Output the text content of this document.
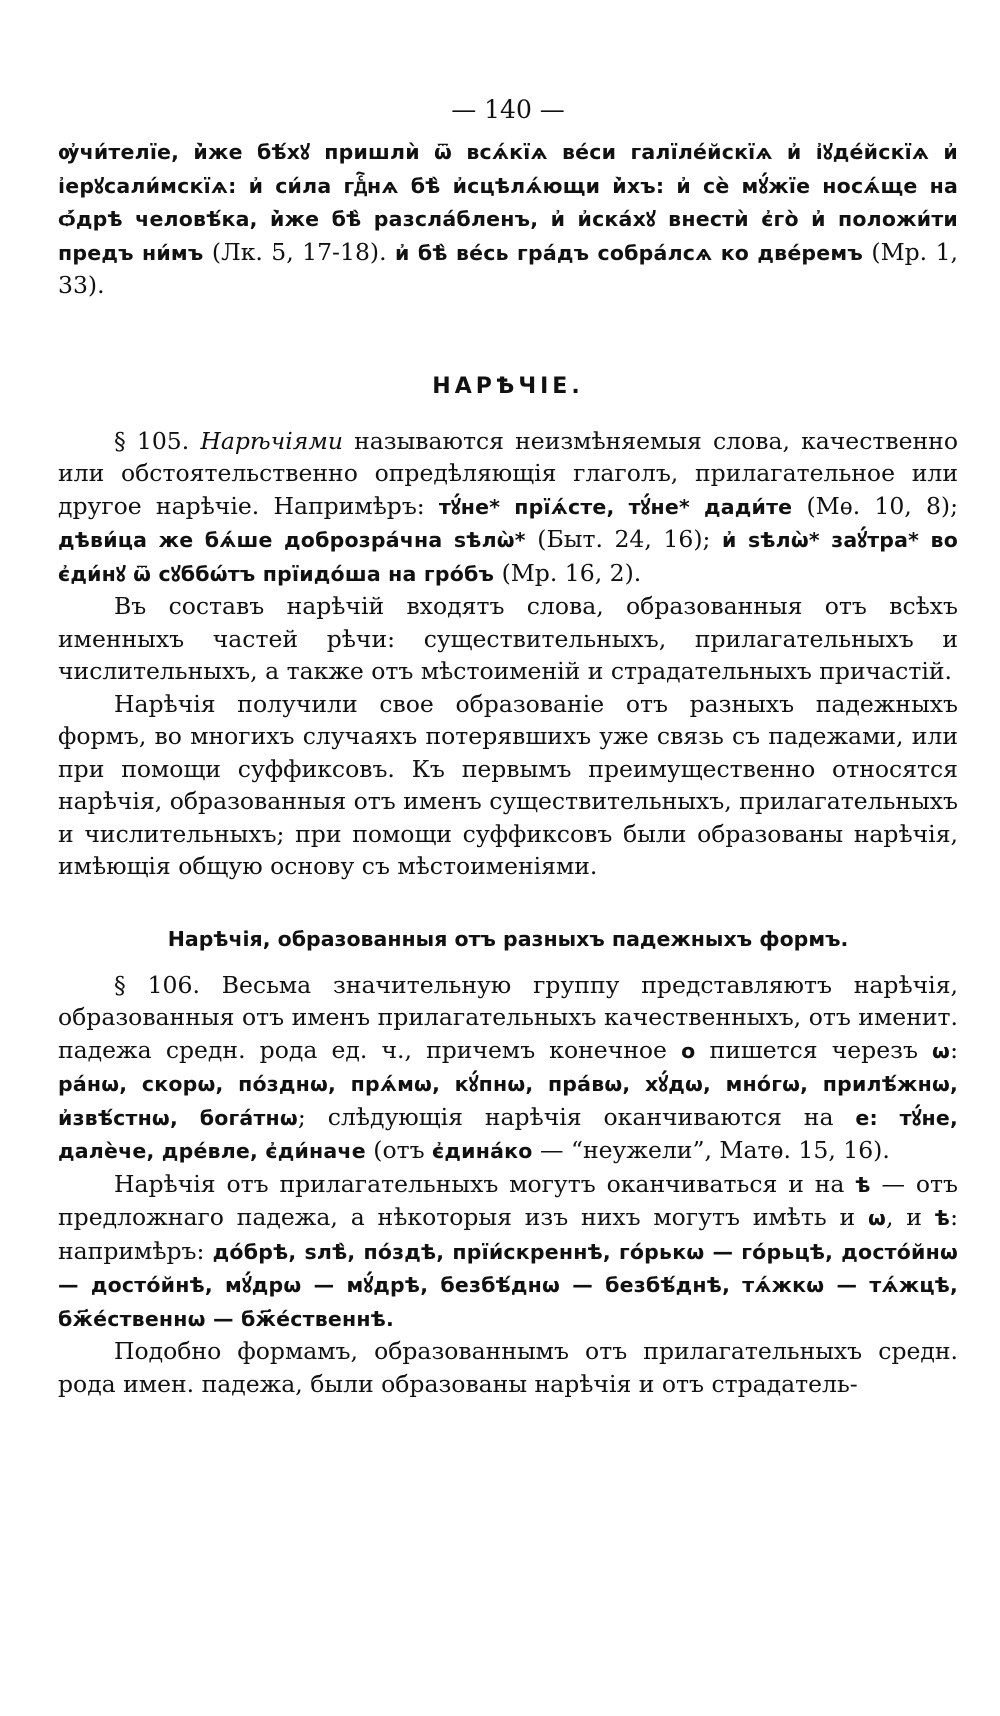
— 140 —

ѹ҆чи́телїе, и҆̀же бѣ́хꙋ пришлѝ ѿ всѧ́кїѧ ве́си галїле́йскїѧ и҆ і҆ꙋде́йскїѧ и҆ і҆ерꙋсали́мскїѧ: и҆ си́ла гдⷭ҇нѧ бѣ̀ и҆сцѣлѧ́ющи и҆̀хъ: и҆ сѐ мꙋ́жїе носѧ́ще на ѻ҆́дрѣ человѣ́ка, и҆̀же бѣ̀ разсла́бленъ, и҆ и҆ска́хꙋ внестѝ є҆го̀ и҆ положи́ти предъ ни́мъ (Лк. 5, 17-18). и҆ бѣ̀ ве́сь гра́дъ собра́лсѧ ко две́ремъ (Мр. 1, 33).

НАРѢЧІЕ.

§ 105. Нарѣчіями называются неизмѣняемыя слова, качественно или обстоятельственно опредѣляющія глаголъ, прилагательное или другое нарѣчіе. Напримѣръ: тꙋ́не* прїѧ́сте, тꙋ́не* дади́те (Мѳ. 10, 8); дѣви́ца же бѧ́ше доброзра́чна ѕѣлѡ̀* (Быт. 24, 16); и҆ ѕѣлѡ̀* заꙋ́тра* во є҆ди́нꙋ ѿ сꙋббѡ́тъ прїидо́ша на гро́бъ (Мр. 16, 2).

Въ составъ нарѣчій входятъ слова, образованныя отъ всѣхъ именныхъ частей рѣчи: существительныхъ, прилагательныхъ и числительныхъ, а также отъ мѣстоименій и страдательныхъ причастій.

Нарѣчія получили свое образованіе отъ разныхъ падежныхъ формъ, во многихъ случаяхъ потерявшихъ уже связь съ падежами, или при помощи суффиксовъ. Къ первымъ преимущественно относятся нарѣчія, образованныя отъ именъ существительныхъ, прилагательныхъ и числительныхъ; при помощи суффиксовъ были образованы нарѣчія, имѣющія общую основу съ мѣстоименіями.

Нарѣчія, образованныя отъ разныхъ падежныхъ формъ.

§ 106. Весьма значительную группу представляютъ нарѣчія, образованныя отъ именъ прилагательныхъ качественныхъ, отъ именит. падежа средн. рода ед. ч., причемъ конечное о пишется черезъ ѡ: ра́нѡ, скорѡ, по́зднѡ, прѧ́мѡ, кꙋ́пнѡ, пра́вѡ, хꙋ́дѡ, мно́гѡ, прилѣ́жнѡ, и҆звѣ́стнѡ, бога́тнѡ; слѣдующія нарѣчія оканчиваются на е: тꙋ́не, далѐче, дре́вле, є҆ди́наче (отъ є҆дина́ко — “неужели”, Матѳ. 15, 16).

Нарѣчія отъ прилагательныхъ могутъ оканчиваться и на ѣ — отъ предложнаго падежа, а нѣкоторыя изъ нихъ могутъ имѣть и ѡ, и ѣ: напримѣръ: до́брѣ, ѕлѣ̀, по́здѣ, прїи́скреннѣ, го́рькѡ — го́рьцѣ, досто́йнѡ — досто́йнѣ, мꙋ́дрѡ — мꙋ́дрѣ, безбѣ́днѡ — безбѣ́днѣ, тѧ́жкѡ — тѧ́жцѣ, бж҃е́ственнѡ — бж҃е́ственнѣ.

Подобно формамъ, образованнымъ отъ прилагательныхъ средн. рода имен. падежа, были образованы нарѣчія и отъ страдатель-
